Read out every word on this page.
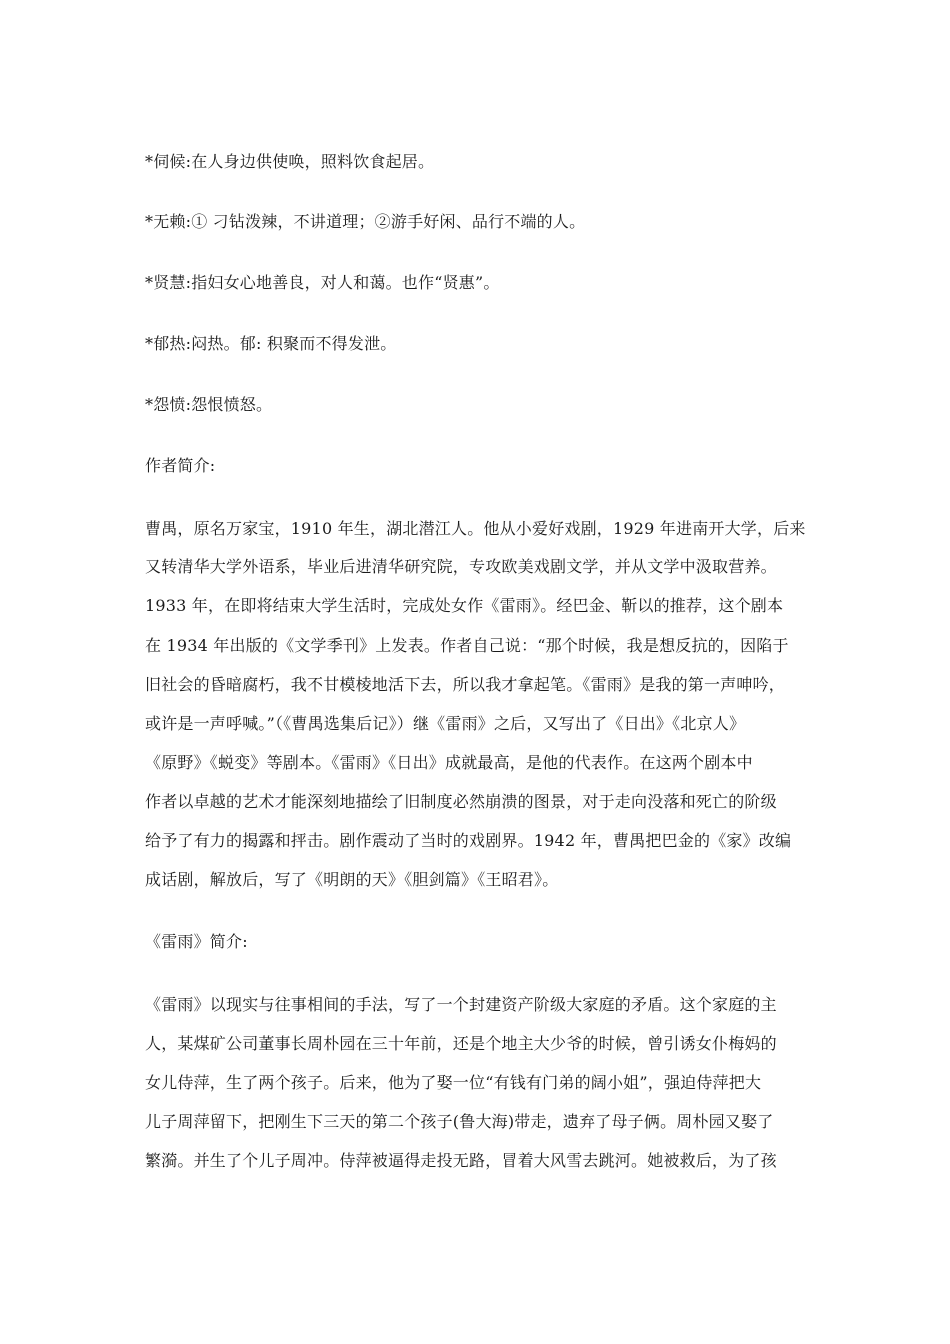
*伺候:在人身边供使唤，照料饮食起居。
*无赖:① 刁钻泼辣，不讲道理；②游手好闲、品行不端的人。
*贤慧:指妇女心地善良，对人和蔼。也作“贤惠”。
*郁热:闷热。郁: 积聚而不得发泄。
*怨愤:怨恨愤怒。
作者简介:
曹禺，原名万家宝，1910 年生，湖北潜江人。他从小爱好戏剧，1929 年进南开大学，后来
又转清华大学外语系，毕业后进清华研究院，专攻欧美戏剧文学，并从文学中汲取营养。
1933 年，在即将结束大学生活时，完成处女作《雷雨》。经巴金、靳以的推荐，这个剧本
在 1934 年出版的《文学季刊》上发表。作者自己说：“那个时候，我是想反抗的，因陷于
旧社会的昏暗腐朽，我不甘模棱地活下去，所以我才拿起笔。《雷雨》是我的第一声呻吟，
或许是一声呼喊。”（《曹禺选集后记》）继《雷雨》之后，又写出了《日出》《北京人》
《原野》《蜕变》等剧本。《雷雨》《日出》成就最高，是他的代表作。在这两个剧本中
作者以卓越的艺术才能深刻地描绘了旧制度必然崩溃的图景，对于走向没落和死亡的阶级
给予了有力的揭露和抨击。剧作震动了当时的戏剧界。1942 年，曹禺把巴金的《家》改编
成话剧，解放后，写了《明朗的天》《胆剑篇》《王昭君》。
《雷雨》简介:
《雷雨》以现实与往事相间的手法，写了一个封建资产阶级大家庭的矛盾。这个家庭的主
人，某煤矿公司董事长周朴园在三十年前，还是个地主大少爷的时候，曾引诱女仆梅妈的
女儿侍萍，生了两个孩子。后来，他为了娶一位“有钱有门弟的阔小姐”，强迫侍萍把大
儿子周萍留下，把刚生下三天的第二个孩子(鲁大海)带走，遗弃了母子俩。周朴园又娶了
繁漪。并生了个儿子周冲。侍萍被逼得走投无路，冒着大风雪去跳河。她被救后，为了孩
